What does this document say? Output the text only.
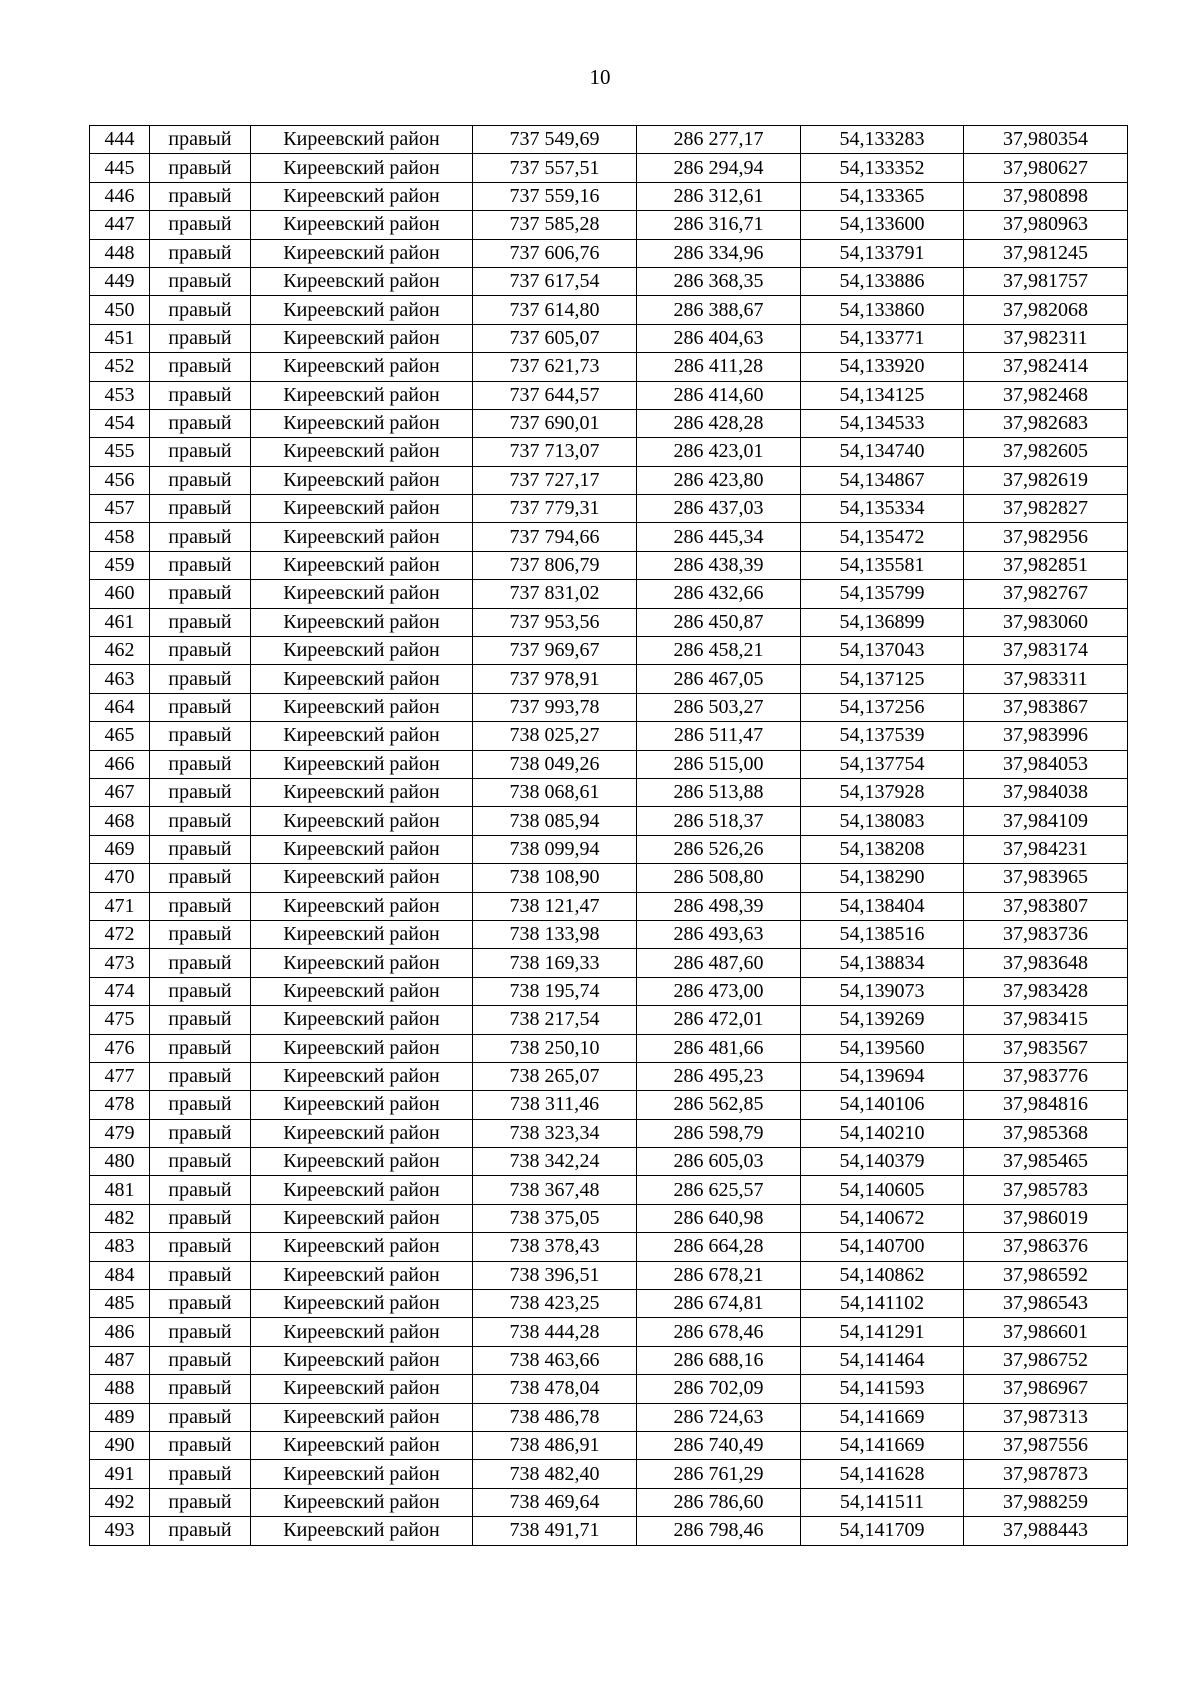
10
444	правый	Киреевский район	737 549,69	286 277,17	54,133283	37,980354
445	правый	Киреевский район	737 557,51	286 294,94	54,133352	37,980627
446	правый	Киреевский район	737 559,16	286 312,61	54,133365	37,980898
447	правый	Киреевский район	737 585,28	286 316,71	54,133600	37,980963
448	правый	Киреевский район	737 606,76	286 334,96	54,133791	37,981245
449	правый	Киреевский район	737 617,54	286 368,35	54,133886	37,981757
450	правый	Киреевский район	737 614,80	286 388,67	54,133860	37,982068
451	правый	Киреевский район	737 605,07	286 404,63	54,133771	37,982311
452	правый	Киреевский район	737 621,73	286 411,28	54,133920	37,982414
453	правый	Киреевский район	737 644,57	286 414,60	54,134125	37,982468
454	правый	Киреевский район	737 690,01	286 428,28	54,134533	37,982683
455	правый	Киреевский район	737 713,07	286 423,01	54,134740	37,982605
456	правый	Киреевский район	737 727,17	286 423,80	54,134867	37,982619
457	правый	Киреевский район	737 779,31	286 437,03	54,135334	37,982827
458	правый	Киреевский район	737 794,66	286 445,34	54,135472	37,982956
459	правый	Киреевский район	737 806,79	286 438,39	54,135581	37,982851
460	правый	Киреевский район	737 831,02	286 432,66	54,135799	37,982767
461	правый	Киреевский район	737 953,56	286 450,87	54,136899	37,983060
462	правый	Киреевский район	737 969,67	286 458,21	54,137043	37,983174
463	правый	Киреевский район	737 978,91	286 467,05	54,137125	37,983311
464	правый	Киреевский район	737 993,78	286 503,27	54,137256	37,983867
465	правый	Киреевский район	738 025,27	286 511,47	54,137539	37,983996
466	правый	Киреевский район	738 049,26	286 515,00	54,137754	37,984053
467	правый	Киреевский район	738 068,61	286 513,88	54,137928	37,984038
468	правый	Киреевский район	738 085,94	286 518,37	54,138083	37,984109
469	правый	Киреевский район	738 099,94	286 526,26	54,138208	37,984231
470	правый	Киреевский район	738 108,90	286 508,80	54,138290	37,983965
471	правый	Киреевский район	738 121,47	286 498,39	54,138404	37,983807
472	правый	Киреевский район	738 133,98	286 493,63	54,138516	37,983736
473	правый	Киреевский район	738 169,33	286 487,60	54,138834	37,983648
474	правый	Киреевский район	738 195,74	286 473,00	54,139073	37,983428
475	правый	Киреевский район	738 217,54	286 472,01	54,139269	37,983415
476	правый	Киреевский район	738 250,10	286 481,66	54,139560	37,983567
477	правый	Киреевский район	738 265,07	286 495,23	54,139694	37,983776
478	правый	Киреевский район	738 311,46	286 562,85	54,140106	37,984816
479	правый	Киреевский район	738 323,34	286 598,79	54,140210	37,985368
480	правый	Киреевский район	738 342,24	286 605,03	54,140379	37,985465
481	правый	Киреевский район	738 367,48	286 625,57	54,140605	37,985783
482	правый	Киреевский район	738 375,05	286 640,98	54,140672	37,986019
483	правый	Киреевский район	738 378,43	286 664,28	54,140700	37,986376
484	правый	Киреевский район	738 396,51	286 678,21	54,140862	37,986592
485	правый	Киреевский район	738 423,25	286 674,81	54,141102	37,986543
486	правый	Киреевский район	738 444,28	286 678,46	54,141291	37,986601
487	правый	Киреевский район	738 463,66	286 688,16	54,141464	37,986752
488	правый	Киреевский район	738 478,04	286 702,09	54,141593	37,986967
489	правый	Киреевский район	738 486,78	286 724,63	54,141669	37,987313
490	правый	Киреевский район	738 486,91	286 740,49	54,141669	37,987556
491	правый	Киреевский район	738 482,40	286 761,29	54,141628	37,987873
492	правый	Киреевский район	738 469,64	286 786,60	54,141511	37,988259
493	правый	Киреевский район	738 491,71	286 798,46	54,141709	37,988443
